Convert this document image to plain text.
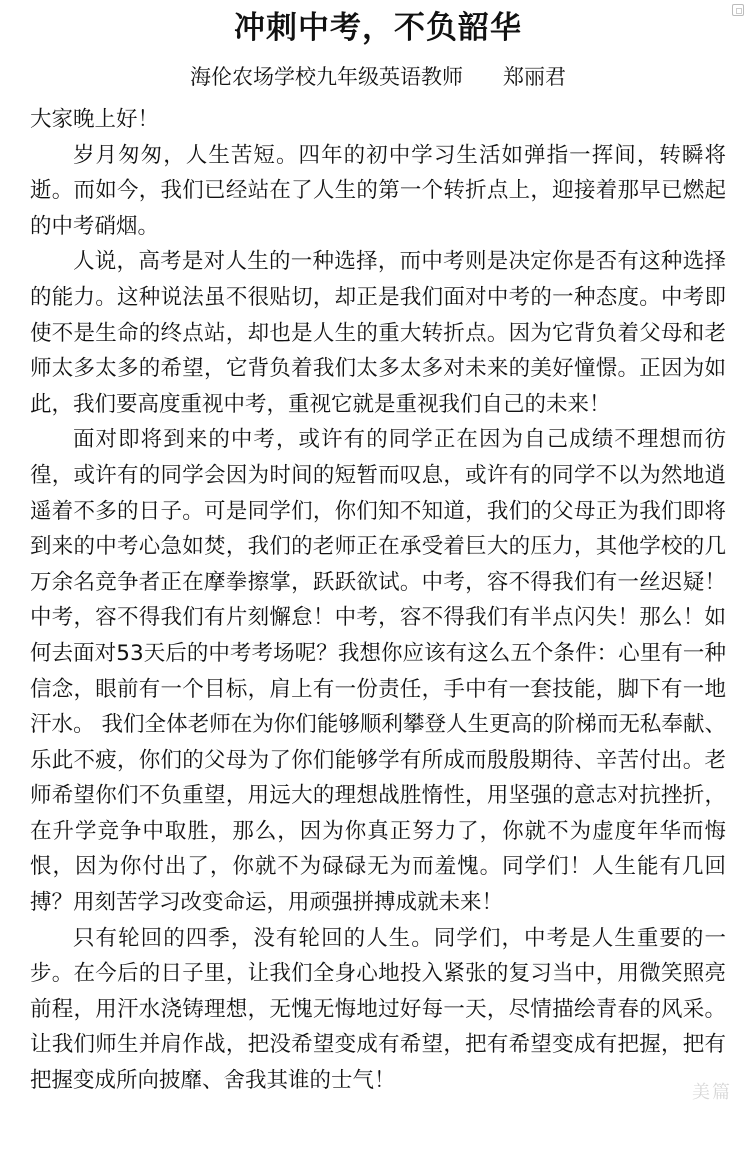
冲刺中考，不负韶华
海伦农场学校九年级英语教师 郑丽君

大家晚上好！

岁月匆匆，人生苦短。四年的初中学习生活如弹指一挥间，转瞬将逝。而如今，我们已经站在了人生的第一个转折点上，迎接着那早已燃起的中考硝烟。

人说，高考是对人生的一种选择，而中考则是决定你是否有这种选择的能力。这种说法虽不很贴切，却正是我们面对中考的一种态度。中考即使不是生命的终点站，却也是人生的重大转折点。因为它背负着父母和老师太多太多的希望，它背负着我们太多太多对未来的美好憧憬。正因为如此，我们要高度重视中考，重视它就是重视我们自己的未来！

面对即将到来的中考，或许有的同学正在因为自己成绩不理想而彷徨，或许有的同学会因为时间的短暂而叹息，或许有的同学不以为然地逍遥着不多的日子。可是同学们，你们知不知道，我们的父母正为我们即将到来的中考心急如焚，我们的老师正在承受着巨大的压力，其他学校的几万余名竞争者正在摩拳擦掌，跃跃欲试。中考，容不得我们有一丝迟疑！中考，容不得我们有片刻懈怠！中考，容不得我们有半点闪失！那么！如何去面对53天后的中考考场呢？我想你应该有这么五个条件：心里有一种信念，眼前有一个目标，肩上有一份责任，手中有一套技能，脚下有一地汗水。 我们全体老师在为你们能够顺利攀登人生更高的阶梯而无私奉献、乐此不疲，你们的父母为了你们能够学有所成而殷殷期待、辛苦付出。老师希望你们不负重望，用远大的理想战胜惰性，用坚强的意志对抗挫折，在升学竞争中取胜，那么，因为你真正努力了，你就不为虚度年华而悔恨，因为你付出了，你就不为碌碌无为而羞愧。同学们！人生能有几回搏？用刻苦学习改变命运，用顽强拼搏成就未来！

只有轮回的四季，没有轮回的人生。同学们，中考是人生重要的一步。在今后的日子里，让我们全身心地投入紧张的复习当中，用微笑照亮前程，用汗水浇铸理想，无愧无悔地过好每一天，尽情描绘青春的风采。让我们师生并肩作战，把没希望变成有希望，把有希望变成有把握，把有把握变成所向披靡、舍我其谁的士气！	美篇
